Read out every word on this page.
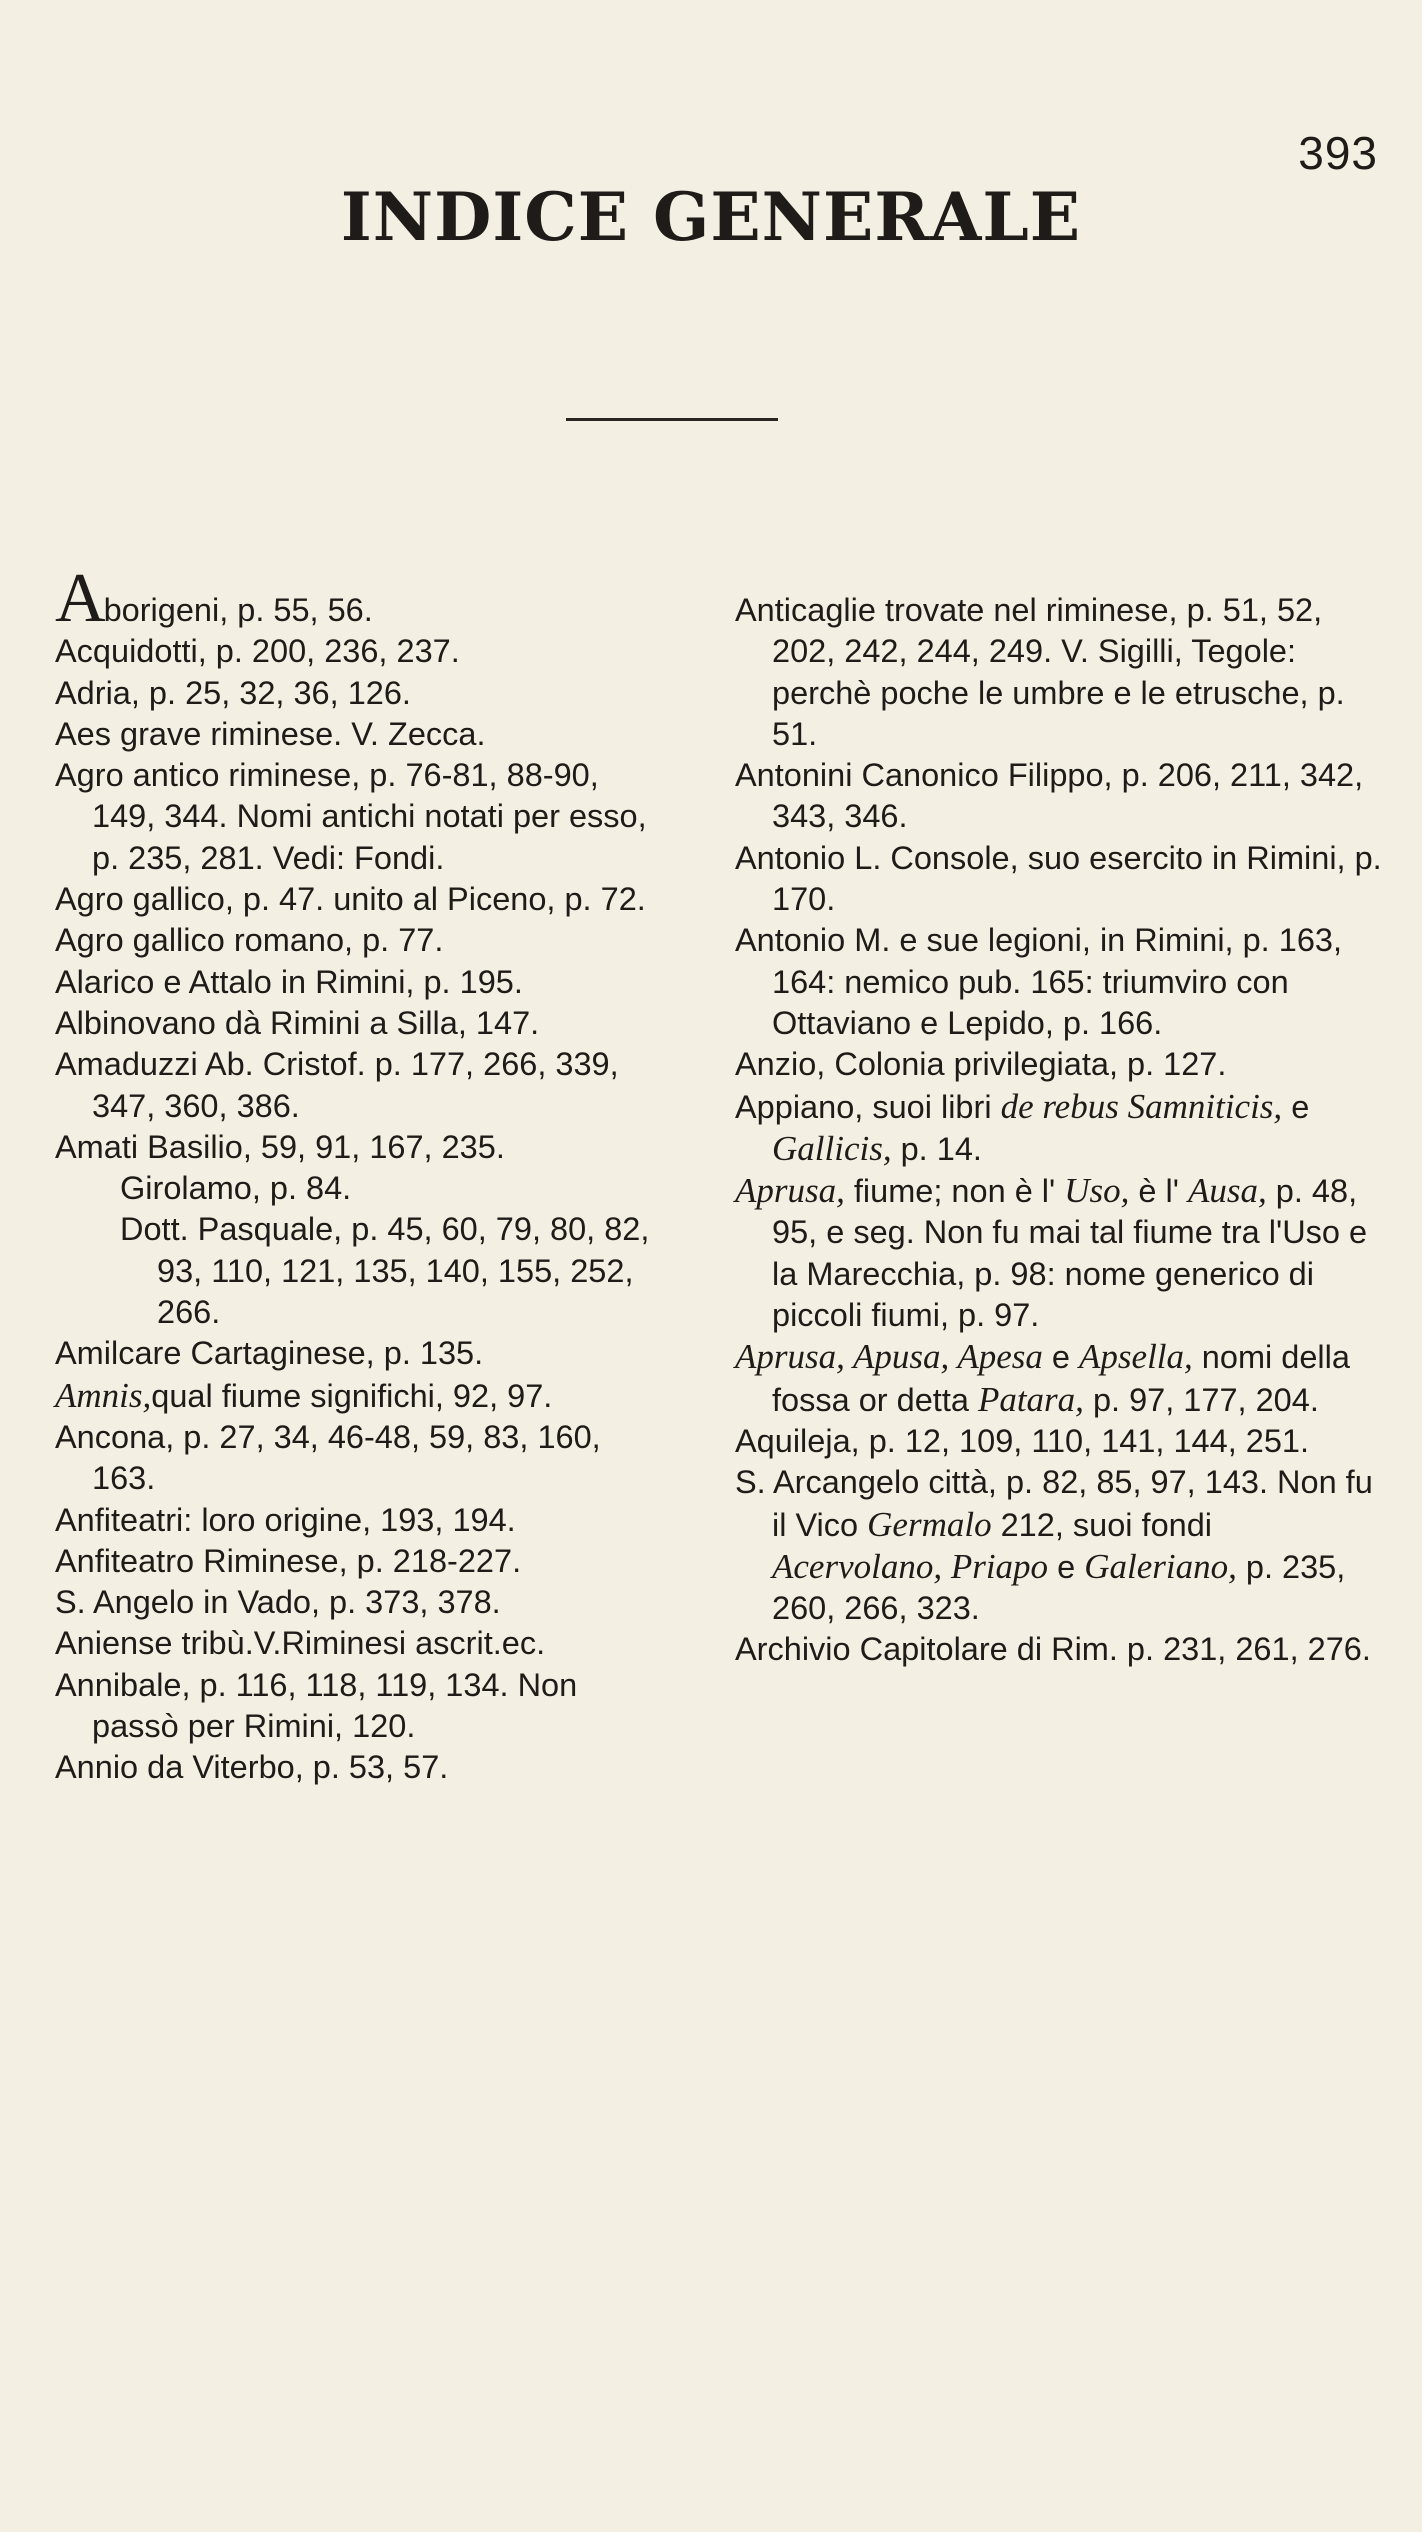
393
INDICE GENERALE
Aborigeni, p. 55, 56.
Acquidotti, p. 200, 236, 237.
Adria, p. 25, 32, 36, 126.
Aes grave riminese. V. Zecca.
Agro antico riminese, p. 76-81, 88-90, 149, 344. Nomi antichi notati per esso, p. 235, 281. Vedi: Fondi.
Agro gallico, p. 47. unito al Piceno, p. 72.
Agro gallico romano, p. 77.
Alarico e Attalo in Rimini, p. 195.
Albinovano dà Rimini a Silla, 147.
Amaduzzi Ab. Cristof. p. 177, 266, 339, 347, 360, 386.
Amati Basilio, 59, 91, 167, 235.
Girolamo, p. 84.
Dott. Pasquale, p. 45, 60, 79, 80, 82, 93, 110, 121, 135, 140, 155, 252, 266.
Amilcare Cartaginese, p. 135.
Amnis,qual fiume significhi, 92, 97.
Ancona, p. 27, 34, 46-48, 59, 83, 160, 163.
Anfiteatri: loro origine, 193, 194.
Anfiteatro Riminese, p. 218-227.
S. Angelo in Vado, p. 373, 378.
Aniense tribù.V.Riminesi ascrit.ec.
Annibale, p. 116, 118, 119, 134. Non passò per Rimini, 120.
Annio da Viterbo, p. 53, 57.
Anticaglie trovate nel riminese, p. 51, 52, 202, 242, 244, 249. V. Sigilli, Tegole: perchè poche le umbre e le etrusche, p. 51.
Antonini Canonico Filippo, p. 206, 211, 342, 343, 346.
Antonio L. Console, suo esercito in Rimini, p. 170.
Antonio M. e sue legioni, in Rimini, p. 163, 164: nemico pub. 165: triumviro con Ottaviano e Lepido, p. 166.
Anzio, Colonia privilegiata, p. 127.
Appiano, suoi libri de rebus Samniticis, e Gallicis, p. 14.
Aprusa, fiume; non è l' Uso, è l' Ausa, p. 48, 95, e seg. Non fu mai tal fiume tra l'Uso e la Marecchia, p. 98: nome generico di piccoli fiumi, p. 97.
Aprusa, Apusa, Apesa e Apsella, nomi della fossa or detta Patara, p. 97, 177, 204.
Aquileja, p. 12, 109, 110, 141, 144, 251.
S. Arcangelo città, p. 82, 85, 97, 143. Non fu il Vico Germalo 212, suoi fondi Acervolano, Priapo e Galeriano, p. 235, 260, 266, 323.
Archivio Capitolare di Rim. p. 231, 261, 276.
